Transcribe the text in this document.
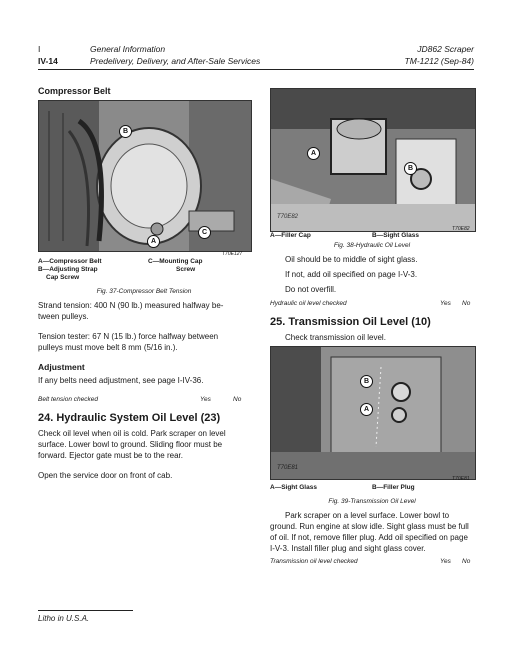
I
IV-14
General Information
Predelivery, Delivery, and After-Sale Services
JD862 Scraper
TM-1212 (Sep-84)
Compressor Belt
B
C
A
T70E127
A—Compressor Belt
B—Adjusting Strap
Cap Screw
C—Mounting Cap
Screw
Fig. 37-Compressor Belt Tension
Strand tension: 400 N (90 lb.) measured halfway be-
tween pulleys.
Tension tester: 67 N (15 lb.) force halfway between
pulleys must move belt 8 mm (5/16 in.).
Adjustment
If any belts need adjustment, see page I-IV-36.
Belt tension checked	Yes	No
24. Hydraulic System Oil Level (23)
Check oil level when oil is cold. Park scraper on level
surface. Lower bowl to ground. Sliding floor must be
forward. Ejector gate must be to the rear.
Open the service door on front of cab.
Litho in U.S.A.
A
B
T70E82
T70E82
A—Filler Cap	B—Sight Glass
Fig. 38-Hydraulic Oil Level
Oil should be to middle of sight glass.
If not, add oil specified on page I-V-3.
Do not overfill.
Hydraulic oil level checked	Yes No
25. Transmission Oil Level (10)
Check transmission oil level.
B
A
T70E81
T70E81
A—Sight Glass	B—Filler Plug
Fig. 39-Transmission Oil Level
Park scraper on a level surface. Lower bowl to
ground. Run engine at slow idle. Sight glass must be full
of oil. If not, remove filler plug. Add oil specified on page
I-V-3. Install filler plug and sight glass cover.
Transmission oil level checked	Yes No
